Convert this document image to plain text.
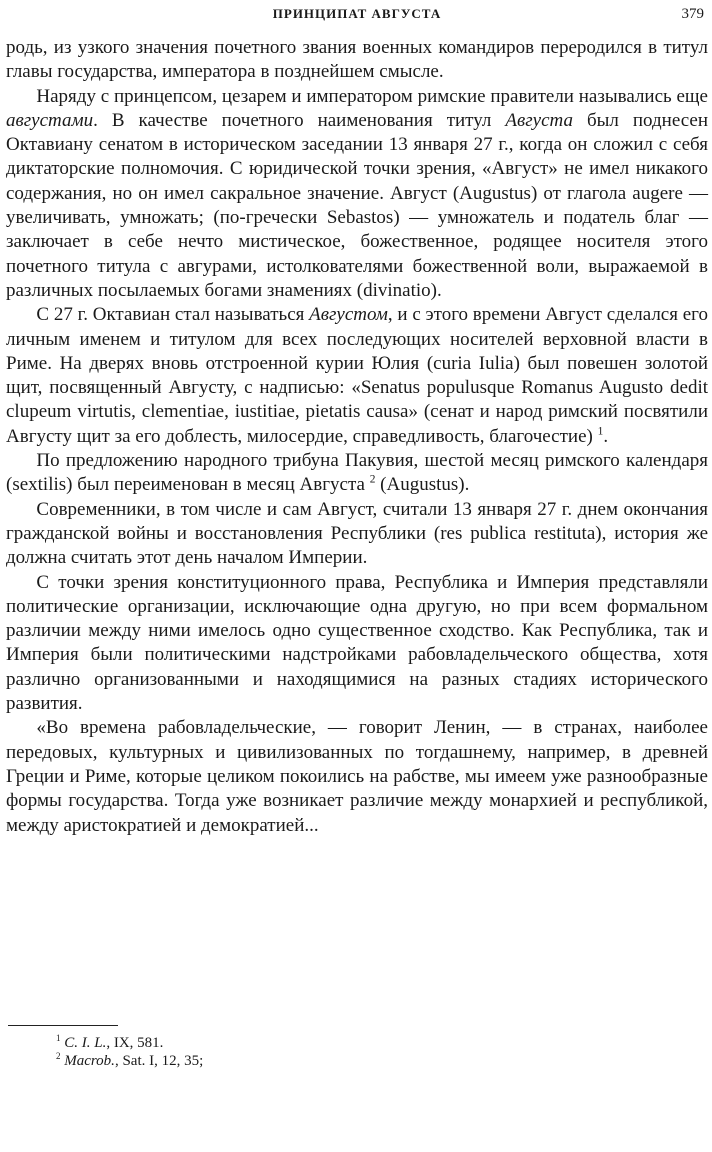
ПРИНЦИПАТ АВГУСТА	379

родь, из узкого значения почетного звания военных командиров переродился в титул главы государства, императора в позднейшем смысле.

Наряду с принцепсом, цезарем и императором римские правители назывались еще августами. В качестве почетного наименования титул Августа был поднесен Октавиану сенатом в историческом заседании 13 января 27 г., когда он сложил с себя диктаторские полномочия. С юридической точки зрения, «Август» не имел никакого содержания, но он имел сакральное значение. Август (Augustus) от глагола augere — увеличивать, умножать; (по-гречески Sebastos) — умножатель и податель благ — заключает в себе нечто мистическое, божественное, родящее носителя этого почетного титула с авгурами, истолкователями божественной воли, выражаемой в различных посылаемых богами знамениях (divinatio).

С 27 г. Октавиан стал называться Августом, и с этого времени Август сделался его личным именем и титулом для всех последующих носителей верховной власти в Риме. На дверях вновь отстроенной курии Юлия (curia Iulia) был повешен золотой щит, посвященный Августу, с надписью: «Senatus populusque Romanus Augusto dedit clupeum virtutis, clementiae, iustitiae, pietatis causa» (сенат и народ римский посвятили Августу щит за его доблесть, милосердие, справедливость, благочестие) $^1$.

По предложению народного трибуна Пакувия, шестой месяц римского календаря (sextilis) был переименован в месяц Августа $^2$ (Augustus).

Современники, в том числе и сам Август, считали 13 января 27 г. днем окончания гражданской войны и восстановления Республики (res publica restituta), история же должна считать этот день началом Империи.

С точки зрения конституционного права, Республика и Империя представляли политические организации, исключающие одна другую, но при всем формальном различии между ними имелось одно существенное сходство. Как Республика, так и Империя были политическими надстройками рабовладельческого общества, хотя различно организованными и находящимися на разных стадиях исторического развития.

«Во времена рабовладельческие, — говорит Ленин, — в странах, наиболее передовых, культурных и цивилизованных по тогдашнему, например, в древней Греции и Риме, которые целиком покоились на рабстве, мы имеем уже разнообразные формы государства. Тогда уже возникает различие между монархией и республикой, между аристократией и демократией...

$^1$ C. I. L., IX, 581.
$^2$ Macrob., Sat. I, 12, 35;
